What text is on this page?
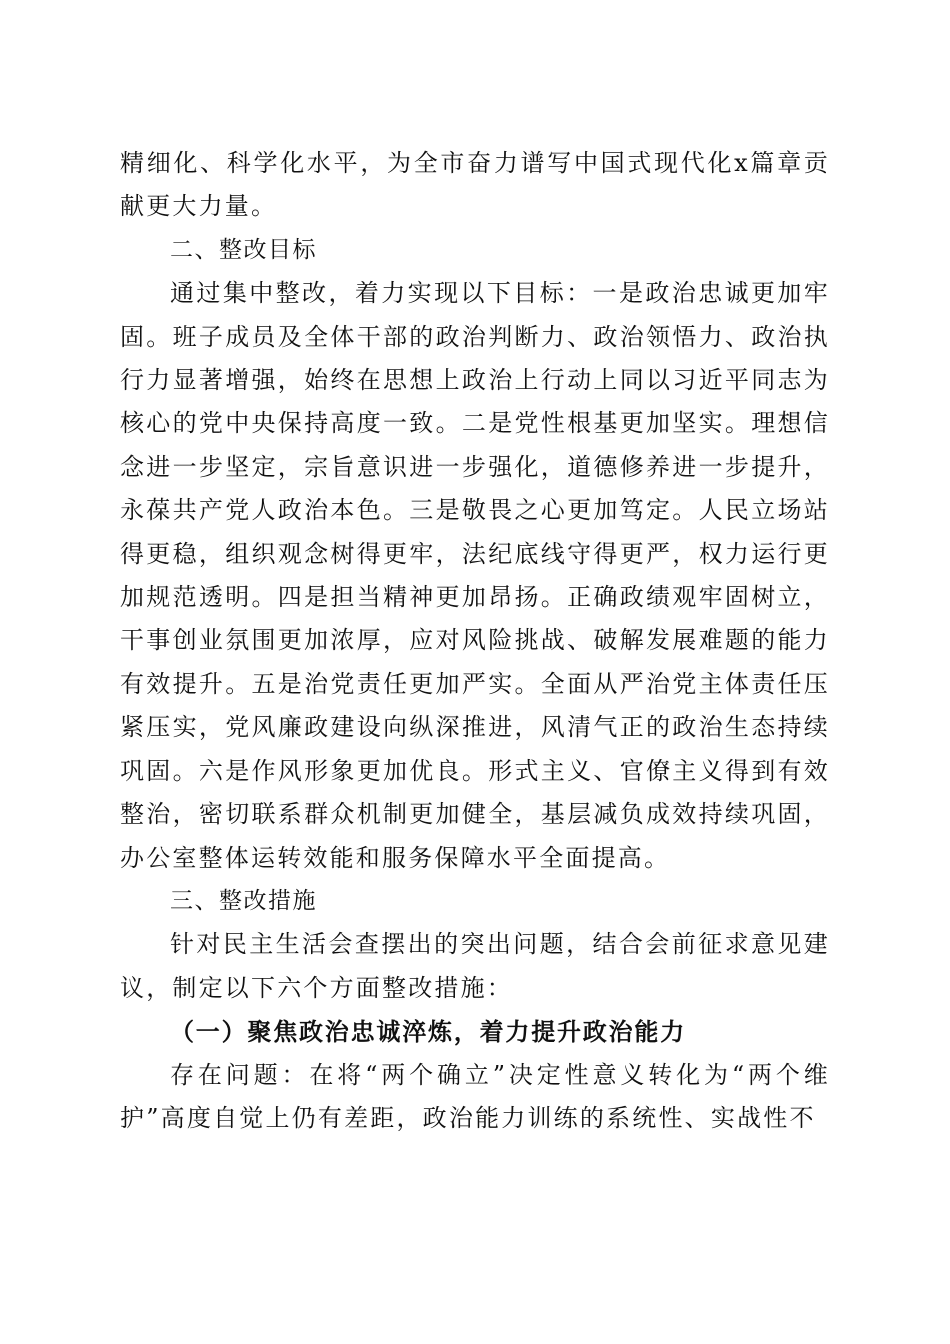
精细化、科学化水平，为全市奋力谱写中国式现代化x篇章贡献更大力量。

二、整改目标

通过集中整改，着力实现以下目标：一是政治忠诚更加牢固。班子成员及全体干部的政治判断力、政治领悟力、政治执行力显著增强，始终在思想上政治上行动上同以习近平同志为核心的党中央保持高度一致。二是党性根基更加坚实。理想信念进一步坚定，宗旨意识进一步强化，道德修养进一步提升，永葆共产党人政治本色。三是敬畏之心更加笃定。人民立场站得更稳，组织观念树得更牢，法纪底线守得更严，权力运行更加规范透明。四是担当精神更加昂扬。正确政绩观牢固树立，干事创业氛围更加浓厚，应对风险挑战、破解发展难题的能力有效提升。五是治党责任更加严实。全面从严治党主体责任压紧压实，党风廉政建设向纵深推进，风清气正的政治生态持续巩固。六是作风形象更加优良。形式主义、官僚主义得到有效整治，密切联系群众机制更加健全，基层减负成效持续巩固，办公室整体运转效能和服务保障水平全面提高。

三、整改措施

针对民主生活会查摆出的突出问题，结合会前征求意见建议，制定以下六个方面整改措施：

（一）聚焦政治忠诚淬炼，着力提升政治能力

存在问题：在将“两个确立”决定性意义转化为“两个维护”高度自觉上仍有差距，政治能力训练的系统性、实战性不
